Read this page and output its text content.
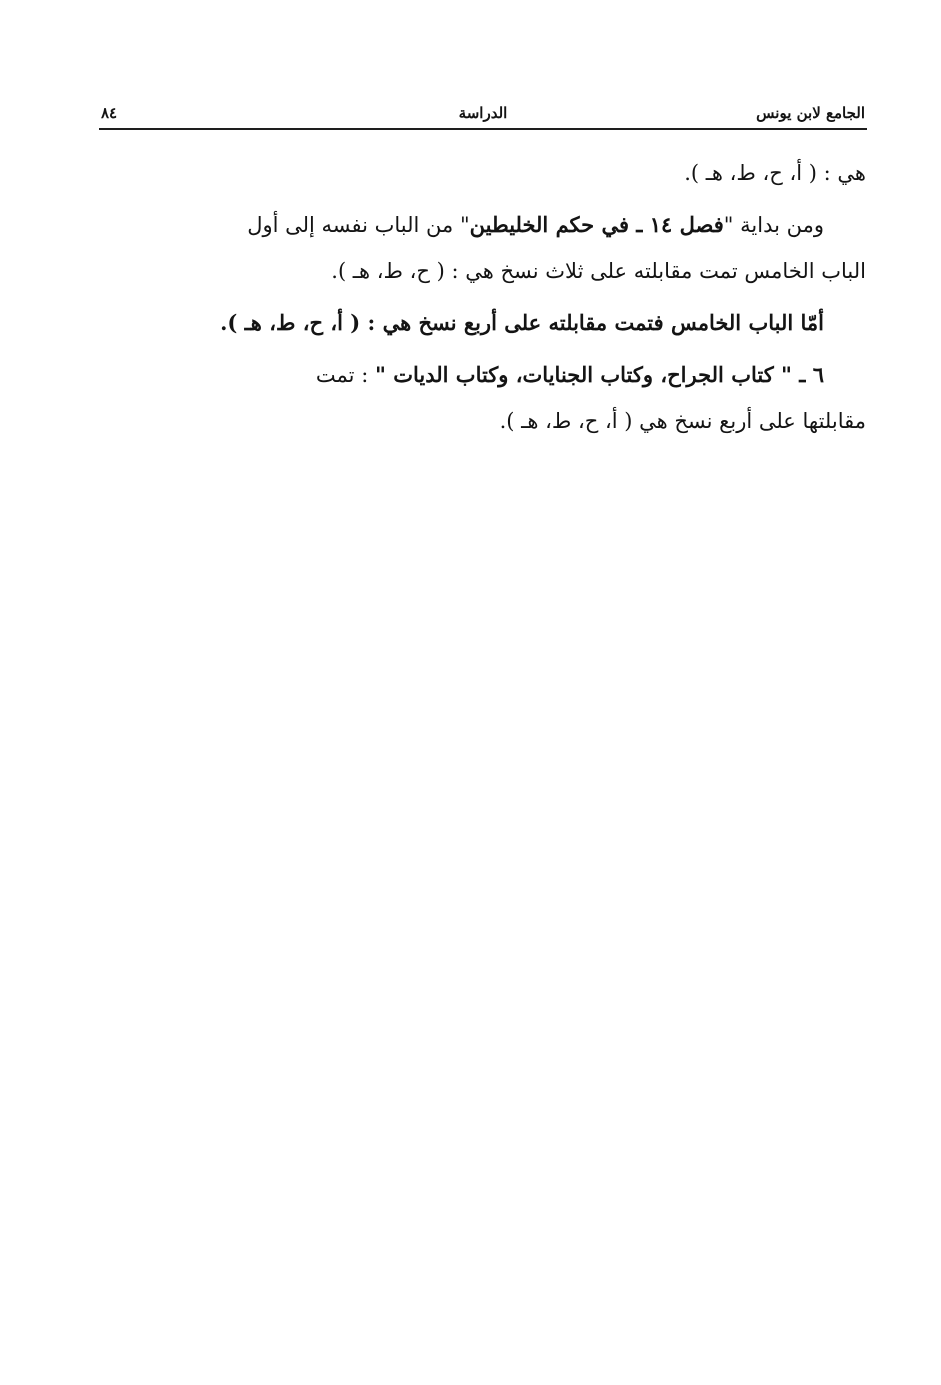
الجامع لابن يونس
الدراسة
٨٤

هي : ( أ، ح، ط، هـ ).

ومن بداية "فصل ١٤ ـ في حكم الخليطين" من الباب نفسه إلى أول
الباب الخامس تمت مقابلته على ثلاث نسخ هي : ( ح، ط، هـ ).

أمّا الباب الخامس فتمت مقابلته على أربع نسخ هي : ( أ، ح، ط، هـ ).

٦ ـ " كتاب الجراح، وكتاب الجنايات، وكتاب الديات " : تمت
مقابلتها على أربع نسخ هي ( أ، ح، ط، هـ ).
